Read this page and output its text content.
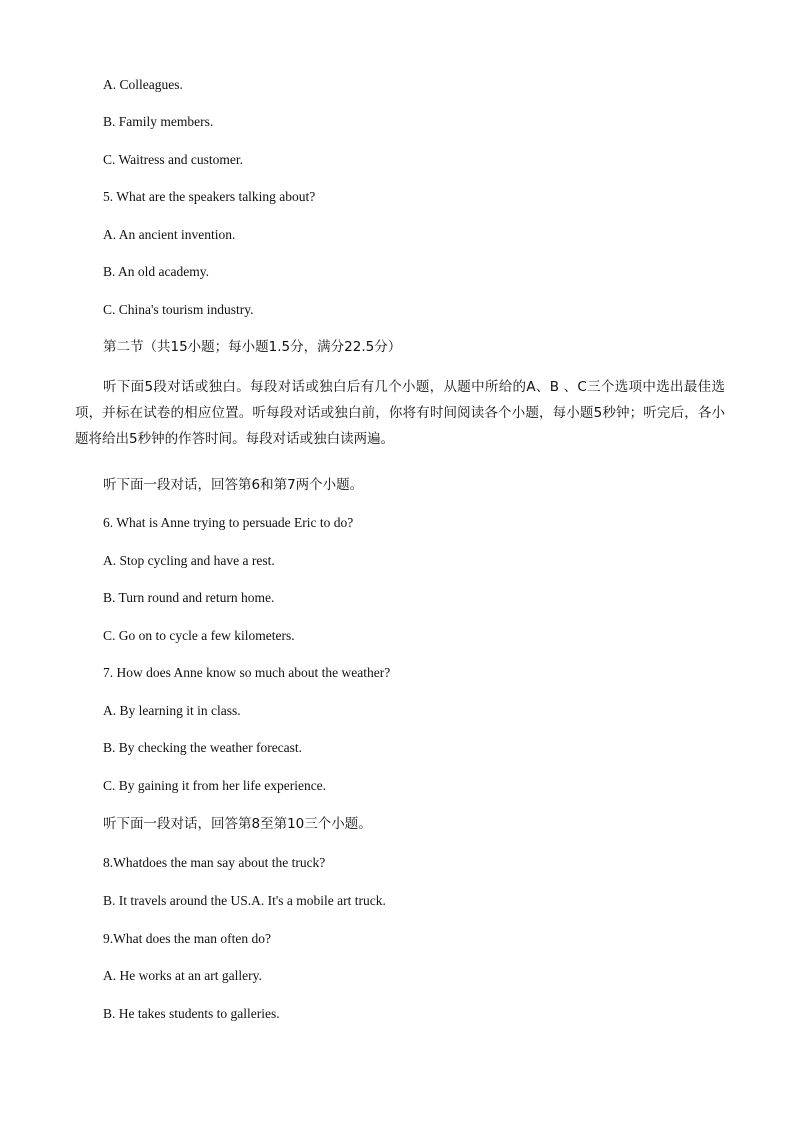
A. Colleagues.
B. Family members.
C. Waitress and customer.
5. What are the speakers talking about?
A. An ancient invention.
B. An old academy.
C. China's tourism industry.
第二节（共15小题；每小题1.5分，满分22.5分）
听下面5段对话或独白。每段对话或独白后有几个小题，从题中所给的A、B 、C三个选项中选出最佳选项，并标在试卷的相应位置。听每段对话或独白前，你将有时间阅读各个小题，每小题5秒钟；听完后，各小题将给出5秒钟的作答时间。每段对话或独白读两遍。
听下面一段对话，回答第6和第7两个小题。
6. What is Anne trying to persuade Eric to do?
A. Stop cycling and have a rest.
B. Turn round and return home.
C. Go on to cycle a few kilometers.
7. How does Anne know so much about the weather?
A. By learning it in class.
B. By checking the weather forecast.
C. By gaining it from her life experience.
听下面一段对话，回答第8至第10三个小题。
8.Whatdoes the man say about the truck?
B. It travels around the US.A. It's a mobile art truck.
9.What does the man often do?
A. He works at an art gallery.
B. He takes students to galleries.
